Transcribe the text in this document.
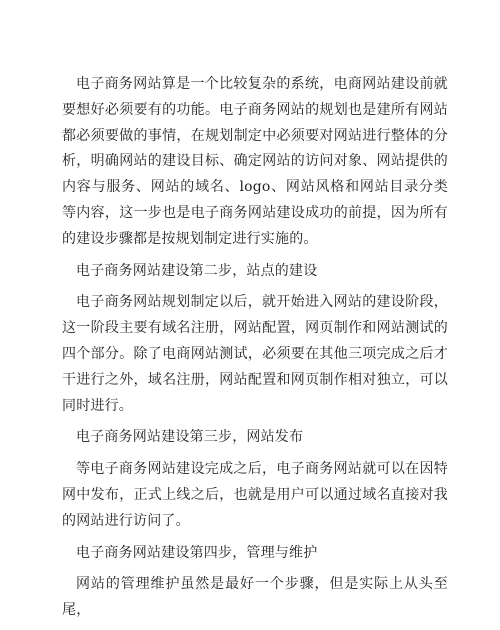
电子商务网站算是一个比较复杂的系统，电商网站建设前就要想好必须要有的功能。电子商务网站的规划也是建所有网站都必须要做的事情，在规划制定中必须要对网站进行整体的分析，明确网站的建设目标、确定网站的访问对象、网站提供的内容与服务、网站的域名、logo、网站风格和网站目录分类等内容，这一步也是电子商务网站建设成功的前提，因为所有的建设步骤都是按规划制定进行实施的。

电子商务网站建设第二步，站点的建设

电子商务网站规划制定以后，就开始进入网站的建设阶段，这一阶段主要有域名注册，网站配置，网页制作和网站测试的四个部分。除了电商网站测试，必须要在其他三项完成之后才干进行之外，域名注册，网站配置和网页制作相对独立，可以同时进行。

电子商务网站建设第三步，网站发布

等电子商务网站建设完成之后，电子商务网站就可以在因特网中发布，正式上线之后，也就是用户可以通过域名直接对我的网站进行访问了。

电子商务网站建设第四步，管理与维护

网站的管理维护虽然是最好一个步骤，但是实际上从头至尾，
